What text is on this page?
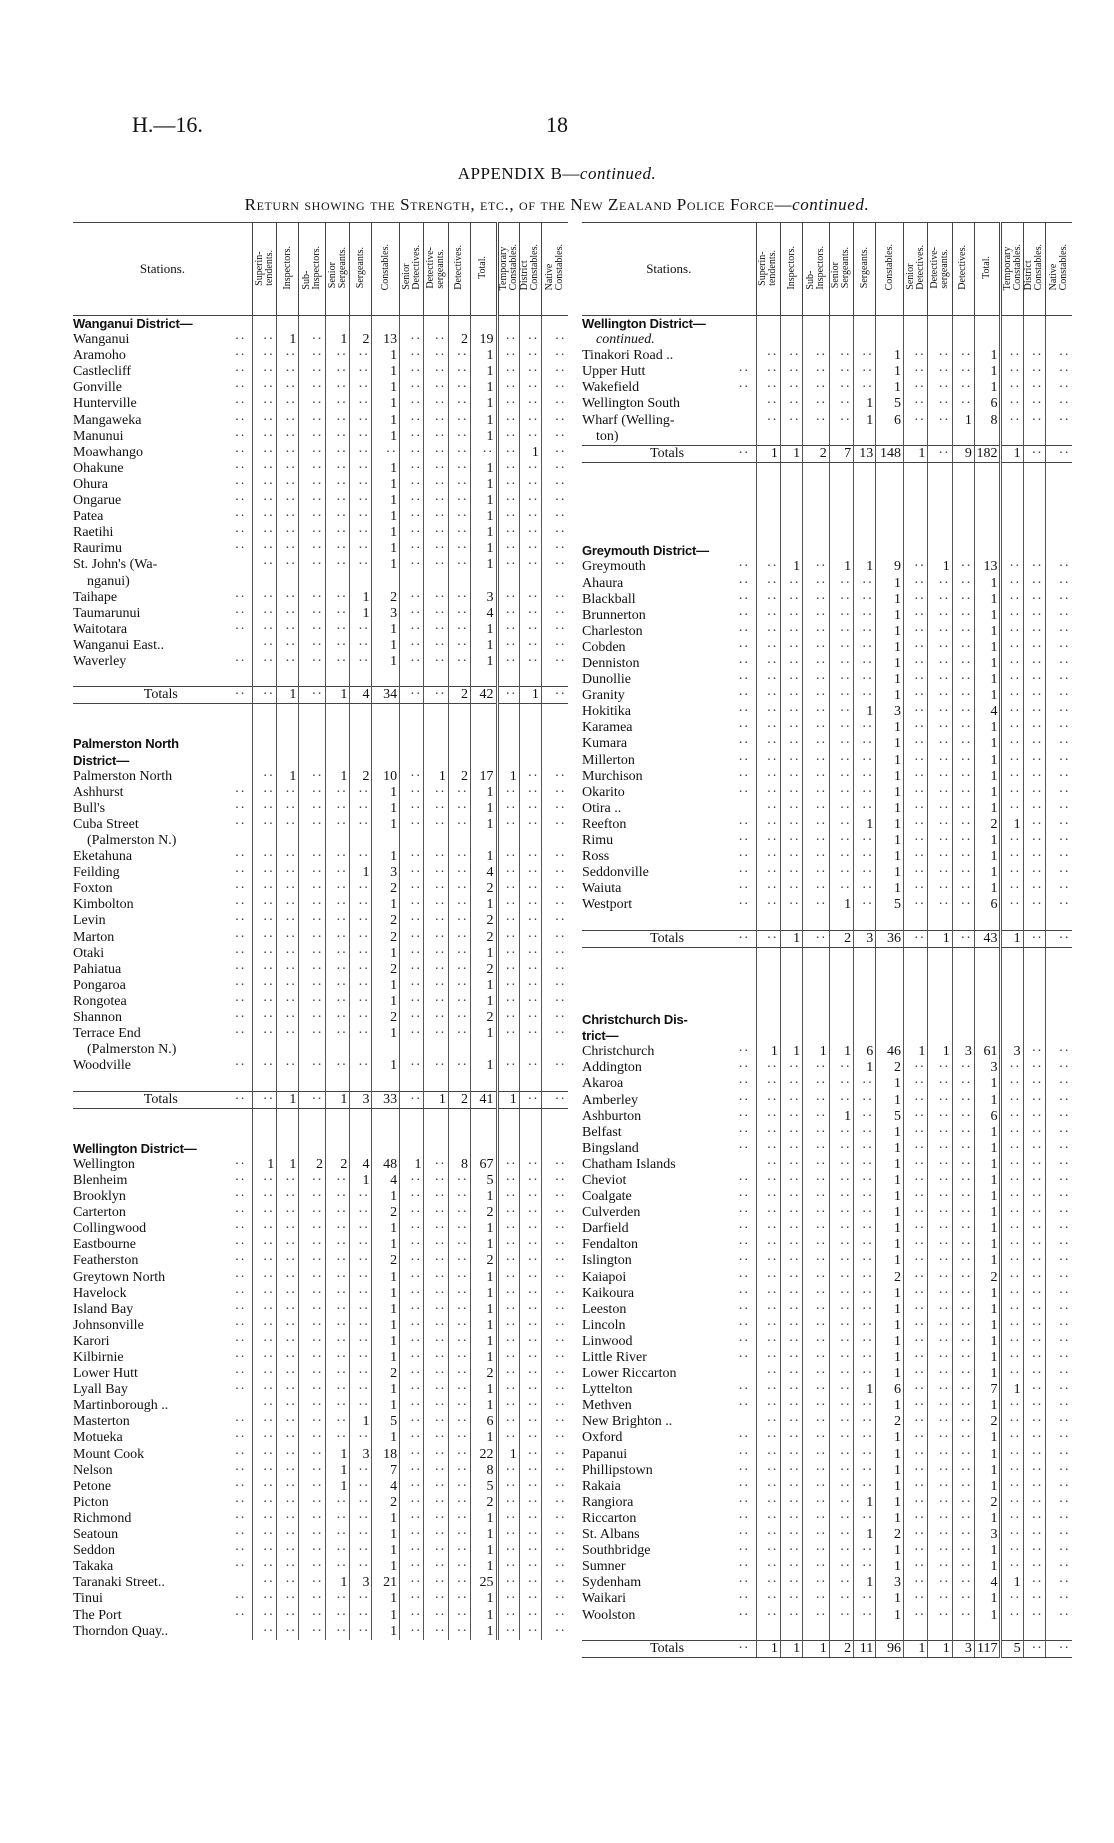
H.—16.	18
APPENDIX B—continued.
Return showing the Strength, etc., of the New Zealand Police Force—continued.
Stations.	Superin-
tendents.	Inspectors.	Sub-
Inspectors.	Senior
Sergeants.	Sergeants.	Constables.	Senior
Detectives.	Detective-
sergeants.	Detectives.	Total.	Temporary
Constables.	District
Constables.	Native
Constables.
Wanganui District—													
Wanganui ··	··	1	··	1	2	13	··	··	2	19	··	··	··
Aramoho ··	··	··	··	··	··	1	··	··	··	1	··	··	··
Castlecliff ··	··	··	··	··	··	1	··	··	··	1	··	··	··
Gonville ··	··	··	··	··	··	1	··	··	··	1	··	··	··
Hunterville ··	··	··	··	··	··	1	··	··	··	1	··	··	··
Mangaweka ··	··	··	··	··	··	1	··	··	··	1	··	··	··
Manunui ··	··	··	··	··	··	1	··	··	··	1	··	··	··
Moawhango ··	··	··	··	··	··	··	··	··	··	··	··	1	··
Ohakune ··	··	··	··	··	··	1	··	··	··	1	··	··	··
Ohura ··	··	··	··	··	··	1	··	··	··	1	··	··	··
Ongarue ··	··	··	··	··	··	1	··	··	··	1	··	··	··
Patea ··	··	··	··	··	··	1	··	··	··	1	··	··	··
Raetihi ··	··	··	··	··	··	1	··	··	··	1	··	··	··
Raurimu ··	··	··	··	··	··	1	··	··	··	1	··	··	··
St. John's (Wa-	··	··	··	··	··	1	··	··	··	1	··	··	··
nganui)													
Taihape ··	··	··	··	··	1	2	··	··	··	3	··	··	··
Taumarunui ··	··	··	··	··	1	3	··	··	··	4	··	··	··
Waitotara ··	··	··	··	··	··	1	··	··	··	1	··	··	··
Wanganui East..	··	··	··	··	··	1	··	··	··	1	··	··	··
Waverley ··	··	··	··	··	··	1	··	··	··	1	··	··	··

Totals ··	··	1	··	1	4	34	··	··	2	42	··	1	··

Palmerston North													
District—													
Palmerston North	··	1	··	1	2	10	··	1	2	17	1	··	··
Ashhurst ··	··	··	··	··	··	1	··	··	··	1	··	··	··
Bull's ··	··	··	··	··	··	1	··	··	··	1	··	··	··
Cuba Street ··	··	··	··	··	··	1	··	··	··	1	··	··	··
(Palmerston N.)													
Eketahuna ··	··	··	··	··	··	1	··	··	··	1	··	··	··
Feilding ··	··	··	··	··	1	3	··	··	··	4	··	··	··
Foxton ··	··	··	··	··	··	2	··	··	··	2	··	··	··
Kimbolton ··	··	··	··	··	··	1	··	··	··	1	··	··	··
Levin ··	··	··	··	··	··	2	··	··	··	2	··	··	··
Marton ··	··	··	··	··	··	2	··	··	··	2	··	··	··
Otaki ··	··	··	··	··	··	1	··	··	··	1	··	··	··
Pahiatua ··	··	··	··	··	··	2	··	··	··	2	··	··	··
Pongaroa ··	··	··	··	··	··	1	··	··	··	1	··	··	··
Rongotea ··	··	··	··	··	··	1	··	··	··	1	··	··	··
Shannon ··	··	··	··	··	··	2	··	··	··	2	··	··	··
Terrace End ··	··	··	··	··	··	1	··	··	··	1	··	··	··
(Palmerston N.)													
Woodville ··	··	··	··	··	··	1	··	··	··	1	··	··	··

Totals ··	··	1	··	1	3	33	··	1	2	41	1	··	··

Wellington District—													
Wellington ··	1	1	2	2	4	48	1	··	8	67	··	··	··
Blenheim ··	··	··	··	··	1	4	··	··	··	5	··	··	··
Brooklyn ··	··	··	··	··	··	1	··	··	··	1	··	··	··
Carterton ··	··	··	··	··	··	2	··	··	··	2	··	··	··
Collingwood ··	··	··	··	··	··	1	··	··	··	1	··	··	··
Eastbourne ··	··	··	··	··	··	1	··	··	··	1	··	··	··
Featherston ··	··	··	··	··	··	2	··	··	··	2	··	··	··
Greytown North ··	··	··	··	··	··	1	··	··	··	1	··	··	··
Havelock ··	··	··	··	··	··	1	··	··	··	1	··	··	··
Island Bay ··	··	··	··	··	··	1	··	··	··	1	··	··	··
Johnsonville ··	··	··	··	··	··	1	··	··	··	1	··	··	··
Karori ··	··	··	··	··	··	1	··	··	··	1	··	··	··
Kilbirnie ··	··	··	··	··	··	1	··	··	··	1	··	··	··
Lower Hutt ··	··	··	··	··	··	2	··	··	··	2	··	··	··
Lyall Bay ··	··	··	··	··	··	1	··	··	··	1	··	··	··
Martinborough ..	··	··	··	··	··	1	··	··	··	1	··	··	··
Masterton ··	··	··	··	··	1	5	··	··	··	6	··	··	··
Motueka ··	··	··	··	··	··	1	··	··	··	1	··	··	··
Mount Cook ··	··	··	··	1	3	18	··	··	··	22	1	··	··
Nelson ··	··	··	··	1	··	7	··	··	··	8	··	··	··
Petone ··	··	··	··	1	··	4	··	··	··	5	··	··	··
Picton ··	··	··	··	··	··	2	··	··	··	2	··	··	··
Richmond ··	··	··	··	··	··	1	··	··	··	1	··	··	··
Seatoun ··	··	··	··	··	··	1	··	··	··	1	··	··	··
Seddon ··	··	··	··	··	··	1	··	··	··	1	··	··	··
Takaka ··	··	··	··	··	··	1	··	··	··	1	··	··	··
Taranaki Street..	··	··	··	1	3	21	··	··	··	25	··	··	··
Tinui ··	··	··	··	··	··	1	··	··	··	1	··	··	··
The Port ··	··	··	··	··	··	1	··	··	··	1	··	··	··
Thorndon Quay..	··	··	··	··	··	1	··	··	··	1	··	··	··
Stations.	Superin-
tendents.	Inspectors.	Sub-
Inspectors.	Senior
Sergeants.	Sergeants.	Constables.	Senior
Detectives.	Detective-
sergeants.	Detectives.	Total.	Temporary
Constables.	District
Constables.	Native
Constables.
Wellington District—													
continued.													
Tinakori Road ..	··	··	··	··	··	1	··	··	··	1	··	··	··
Upper Hutt ··	··	··	··	··	··	1	··	··	··	1	··	··	··
Wakefield ··	··	··	··	··	··	1	··	··	··	1	··	··	··
Wellington South	··	··	··	··	1	5	··	··	··	6	··	··	··
Wharf (Welling-	··	··	··	··	1	6	··	··	1	8	··	··	··
ton)													
Totals ··	1	1	2	7	13	148	1	··	9	182	1	··	··

Greymouth District—													
Greymouth ··	··	1	··	1	1	9	··	1	··	13	··	··	··
Ahaura ··	··	··	··	··	··	1	··	··	··	1	··	··	··
Blackball ··	··	··	··	··	··	1	··	··	··	1	··	··	··
Brunnerton ··	··	··	··	··	··	1	··	··	··	1	··	··	··
Charleston ··	··	··	··	··	··	1	··	··	··	1	··	··	··
Cobden ··	··	··	··	··	··	1	··	··	··	1	··	··	··
Denniston ··	··	··	··	··	··	1	··	··	··	1	··	··	··
Dunollie ··	··	··	··	··	··	1	··	··	··	1	··	··	··
Granity ··	··	··	··	··	··	1	··	··	··	1	··	··	··
Hokitika ··	··	··	··	··	1	3	··	··	··	4	··	··	··
Karamea ··	··	··	··	··	··	1	··	··	··	1	··	··	··
Kumara ··	··	··	··	··	··	1	··	··	··	1	··	··	··
Millerton ··	··	··	··	··	··	1	··	··	··	1	··	··	··
Murchison ··	··	··	··	··	··	1	··	··	··	1	··	··	··
Okarito ··	··	··	··	··	··	1	··	··	··	1	··	··	··
Otira ..	··	··	··	··	··	1	··	··	··	1	··	··	··
Reefton ··	··	··	··	··	1	1	··	··	··	2	1	··	··
Rimu ··	··	··	··	··	··	1	··	··	··	1	··	··	··
Ross ··	··	··	··	··	··	1	··	··	··	1	··	··	··
Seddonville ··	··	··	··	··	··	1	··	··	··	1	··	··	··
Waiuta ··	··	··	··	··	··	1	··	··	··	1	··	··	··
Westport ··	··	··	··	1	··	5	··	··	··	6	··	··	··

Totals ··	··	1	··	2	3	36	··	1	··	43	1	··	··

Christchurch Dis-													
trict—													
Christchurch ··	1	1	1	1	6	46	1	1	3	61	3	··	··
Addington ··	··	··	··	··	1	2	··	··	··	3	··	··	··
Akaroa ··	··	··	··	··	··	1	··	··	··	1	··	··	··
Amberley ··	··	··	··	··	··	1	··	··	··	1	··	··	··
Ashburton ··	··	··	··	1	··	5	··	··	··	6	··	··	··
Belfast ··	··	··	··	··	··	1	··	··	··	1	··	··	··
Bingsland ··	··	··	··	··	··	1	··	··	··	1	··	··	··
Chatham Islands	··	··	··	··	··	1	··	··	··	1	··	··	··
Cheviot ··	··	··	··	··	··	1	··	··	··	1	··	··	··
Coalgate ··	··	··	··	··	··	1	··	··	··	1	··	··	··
Culverden ··	··	··	··	··	··	1	··	··	··	1	··	··	··
Darfield ··	··	··	··	··	··	1	··	··	··	1	··	··	··
Fendalton ··	··	··	··	··	··	1	··	··	··	1	··	··	··
Islington ··	··	··	··	··	··	1	··	··	··	1	··	··	··
Kaiapoi ··	··	··	··	··	··	2	··	··	··	2	··	··	··
Kaikoura ··	··	··	··	··	··	1	··	··	··	1	··	··	··
Leeston ··	··	··	··	··	··	1	··	··	··	1	··	··	··
Lincoln ··	··	··	··	··	··	1	··	··	··	1	··	··	··
Linwood ··	··	··	··	··	··	1	··	··	··	1	··	··	··
Little River ··	··	··	··	··	··	1	··	··	··	1	··	··	··
Lower Riccarton	··	··	··	··	··	1	··	··	··	1	··	··	··
Lyttelton ··	··	··	··	··	1	6	··	··	··	7	1	··	··
Methven ··	··	··	··	··	··	1	··	··	··	1	··	··	··
New Brighton ..	··	··	··	··	··	2	··	··	··	2	··	··	··
Oxford ··	··	··	··	··	··	1	··	··	··	1	··	··	··
Papanui ··	··	··	··	··	··	1	··	··	··	1	··	··	··
Phillipstown ··	··	··	··	··	··	1	··	··	··	1	··	··	··
Rakaia ··	··	··	··	··	··	1	··	··	··	1	··	··	··
Rangiora ··	··	··	··	··	1	1	··	··	··	2	··	··	··
Riccarton ··	··	··	··	··	··	1	··	··	··	1	··	··	··
St. Albans ··	··	··	··	··	1	2	··	··	··	3	··	··	··
Southbridge ··	··	··	··	··	··	1	··	··	··	1	··	··	··
Sumner ··	··	··	··	··	··	1	··	··	··	1	··	··	··
Sydenham ··	··	··	··	··	1	3	··	··	··	4	1	··	··
Waikari ··	··	··	··	··	··	1	··	··	··	1	··	··	··
Woolston ··	··	··	··	··	··	1	··	··	··	1	··	··	··

Totals ··	1	1	1	2	11	96	1	1	3	117	5	··	··
